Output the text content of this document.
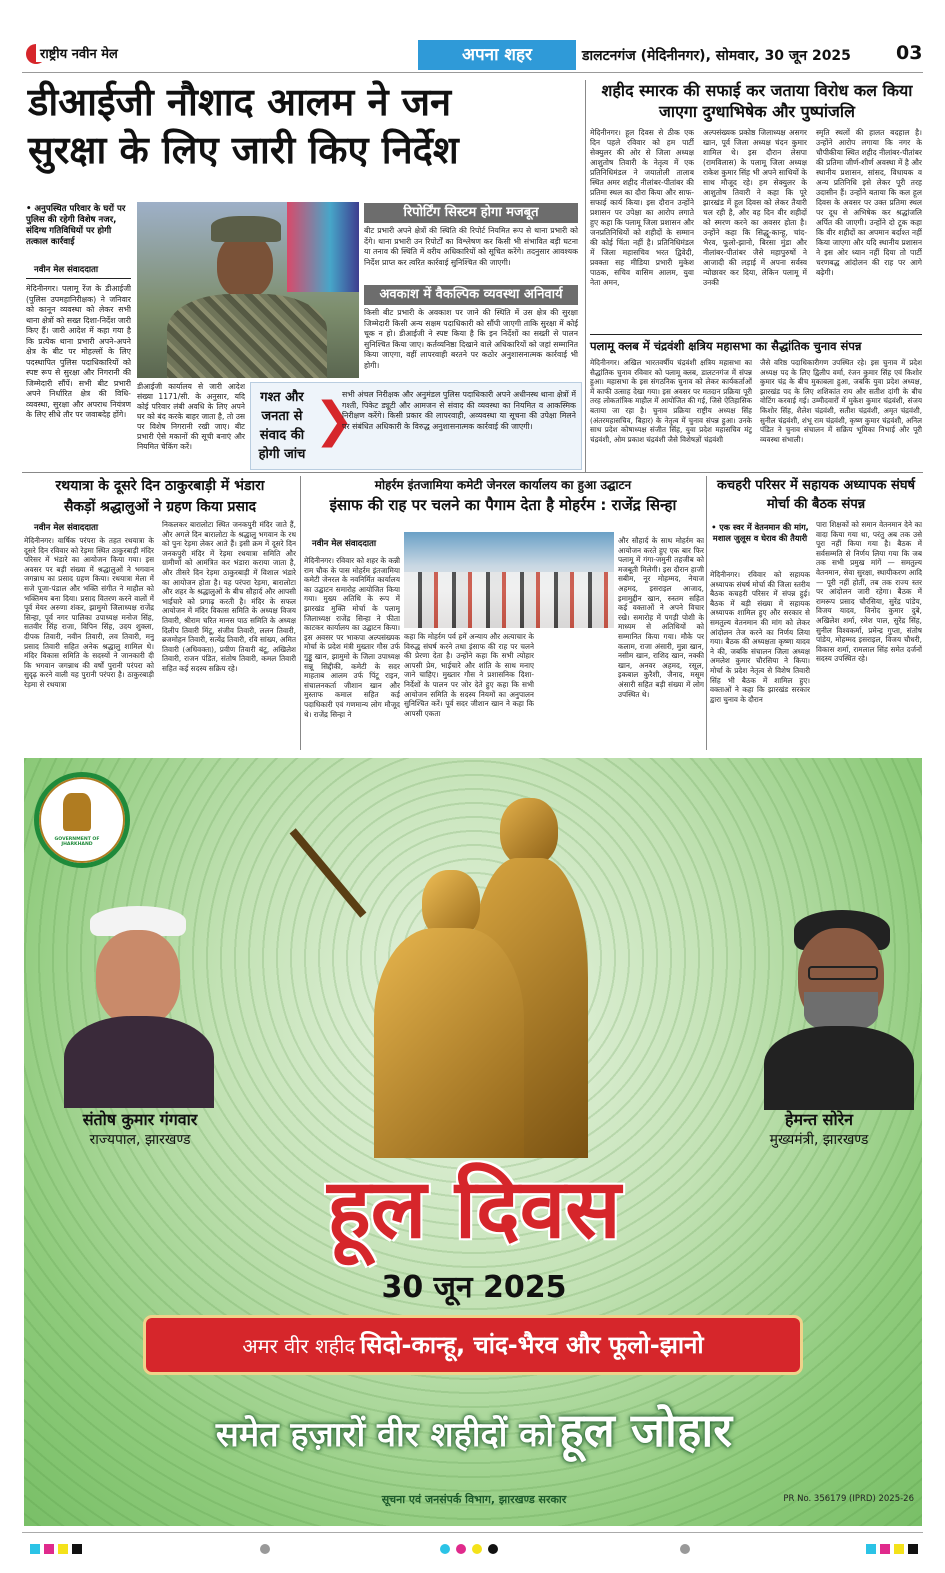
राष्ट्रीय नवीन मेल	अपना शहर	डालटनगंज (मेदिनीनगर), सोमवार, 30 जून 2025 03
डीआईजी नौशाद आलम ने जन
सुरक्षा के लिए जारी किए निर्देश
• अनुपस्थित परिवार के घरों पर पुलिस की रहेगी विशेष नजर, संदिग्ध गतिविधियों पर होगी तत्काल कार्रवाई
नवीन मेल संवाददाता
मेदिनीनगर। पलामू रेंज के डीआईजी (पुलिस उपमहानिरीक्षक) ने जनिवार को कानून व्यवस्था को लेकर सभी थाना क्षेत्रों को सख्त दिशा-निर्देश जारी किए हैं। जारी आदेश में कहा गया है कि प्रत्येक थाना प्रभारी अपने-अपने क्षेत्र के बीट पर मोहल्लों के लिए पदस्थापित पुलिस पदाधिकारियों को स्पष्ट रूप से सुरक्षा और निगरानी की जिम्मेदारी सौंपें। सभी बीट प्रभारी अपने निर्धारित क्षेत्र की विधि-व्यवस्था, सुरक्षा और अपराध नियंत्रण के लिए सीधे तौर पर जवाबदेह होंगे।
डीआईजी कार्यालय से जारी आदेश संख्या 1171/सी. के अनुसार, यदि कोई परिवार लंबी अवधि के लिए अपने घर को बंद करके बाहर जाता है, तो उस पर विशेष निगरानी रखी जाए। बीट प्रभारी ऐसे मकानों की सूची बनाएं और नियमित चेकिंग करें।
रिपोर्टिंग सिस्टम होगा मजबूत
बीट प्रभारी अपने क्षेत्रों की स्थिति की रिपोर्ट नियमित रूप से थाना प्रभारी को देंगे। थाना प्रभारी उन रिपोर्टों का विश्लेषण कर किसी भी संभावित बड़ी घटना या तनाव की स्थिति में वरीय अधिकारियों को सूचित करेंगे। तदनुसार आवश्यक निर्देश प्राप्त कर त्वरित कार्रवाई सुनिश्चित की जाएगी।
अवकाश में वैकल्पिक व्यवस्था अनिवार्य
किसी बीट प्रभारी के अवकाश पर जाने की स्थिति में उस क्षेत्र की सुरक्षा जिम्मेदारी किसी अन्य सक्षम पदाधिकारी को सौंपी जाएगी ताकि सुरक्षा में कोई चूक न हो। डीआईजी ने स्पष्ट किया है कि इन निर्देशों का सख्ती से पालन सुनिश्चित किया जाए। कर्तव्यनिष्ठा दिखाने वाले अधिकारियों को जहां सम्मानित किया जाएगा, वहीं लापरवाही बरतने पर कठोर अनुशासनात्मक कार्रवाई भी होगी।
गश्त और जनता से संवाद की होगी जांच
❯
सभी अंचल निरीक्षक और अनुमंडल पुलिस पदाधिकारी अपने अधीनस्थ थाना क्षेत्रों में गश्ती, पिकेट ड्यूटी और आमजन से संवाद की व्यवस्था का नियमित व आकस्मिक निरीक्षण करेंगे। किसी प्रकार की लापरवाही, अव्यवस्था या सूचना की उपेक्षा मिलने पर संबंधित अधिकारी के विरुद्ध अनुशासनात्मक कार्रवाई की जाएगी।
शहीद स्मारक की सफाई कर जताया विरोध कल किया जाएगा दुग्धाभिषेक और पुष्पांजलि
मेदिनीनगर। हूल दिवस से ठीक एक दिन पहले रविवार को हम पार्टी सेक्युलर की ओर से जिला अध्यक्ष आशुतोष तिवारी के नेतृत्व में एक प्रतिनिधिमंडल ने जयातोली तालाब स्थित अमर शहीद नीलांबर-पीतांबर की प्रतिमा स्थल का दौरा किया और साफ-सफाई कार्य किया। इस दौरान उन्होंने प्रशासन पर उपेक्षा का आरोप लगाते हुए कहा कि पलामू जिला प्रशासन और जनप्रतिनिधियों को शहीदों के सम्मान की कोई चिंता नहीं है। प्रतिनिधिमंडल में जिला महासचिव भरत द्विवेदी, प्रवक्ता सह मीडिया प्रभारी मुकेश पाठक, सचिव वासिम आलम, युवा नेता अमन,
अल्पसंख्यक प्रकोष्ठ जिलाध्यक्ष असगर खान, पूर्व जिला अध्यक्ष चंदन कुमार शामिल थे। इस दौरान लेसपा (रामविलास) के पलामू जिला अध्यक्ष राकेश कुमार सिंह भी अपने साथियों के साथ मौजूद रहे। हम सेक्युलर के आशुतोष तिवारी ने कहा कि पूरे झारखंड में हूल दिवस को लेकर तैयारी चल रही है, और वह दिन वीर शहीदों को स्मरण करने का अवसर होता है। उन्होंने कहा कि सिद्धू-कान्हू, चांद-भैरव, फूलो-झानो, बिरसा मुंडा और नीलांबर-पीतांबर जैसे महापुरुषों ने आजादी की लड़ाई में अपना सर्वस्व न्योछावर कर दिया, लेकिन पलामू में उनकी
स्मृति स्थलों की हालत बदहाल है। उन्होंने आरोप लगाया कि नगर के चौपीकीया स्थित शहीद नीलांबर-पीतांबर की प्रतिमा जीर्ण-शीर्ण अवस्था में है और स्थानीय प्रशासन, सांसद, विधायक व अन्य प्रतिनिधि इसे लेकर पूरी तरह उदासीन हैं। उन्होंने बताया कि कल हूल दिवस के अवसर पर उक्त प्रतिमा स्थल पर दूध से अभिषेक कर श्रद्धांजलि अर्पित की जाएगी। उन्होंने दो टूक कहा कि वीर शहीदों का अपमान बर्दाश्त नहीं किया जाएगा और यदि स्थानीय प्रशासन ने इस ओर ध्यान नहीं दिया तो पार्टी चरणबद्ध आंदोलन की राह पर आगे बढ़ेगी।
पलामू क्लब में चंद्रवंशी क्षत्रिय महासभा का सैद्धांतिक चुनाव संपन्न
मेदिनीनगर। अखिल भारतवर्षीय चंद्रवंशी क्षत्रिय महासभा का सैद्धांतिक चुनाव रविवार को पलामू क्लब, डालटनगंज में संपन्न हुआ। महासभा के इस संगठनिक चुनाव को लेकर कार्यकर्ताओं में काफी उत्साह देखा गया। इस अवसर पर मतदान प्रक्रिया पूरी तरह लोकतांत्रिक माहौल में आयोजित की गई, जिसे ऐतिहासिक बताया जा रहा है। चुनाव प्रक्रिया राष्ट्रीय अध्यक्ष सिंह (अंतरमहासचिव, बिहार) के नेतृत्व में चुनाव संपन्न हुआ। उनके साथ प्रदेश कोषाध्यक्ष संजीत सिंह, युवा प्रदेश महासचिव मंटू चंद्रवंशी, ओम प्रकाश चंद्रवंशी जैसे विशेषज्ञों चंद्रवंशी
जैसे वरिष्ठ पदाधिकारीगण उपस्थित रहे। इस चुनाव में प्रदेश अध्यक्ष पद के लिए द्विलीप वर्मा, रंजन कुमार सिंह एवं किशोर कुमार चंद्र के बीच मुकाबला हुआ, जबकि युवा प्रदेश अध्यक्ष, झारखंड पद के लिए शशिकांत राय और सतीश दांगी के बीच वोटिंग करवाई गई। उम्मीदवारों में मुकेश कुमार चंद्रवंशी, संजय किशोर सिंह, शैलेश चंद्रवंशी, सतीश चंद्रवंशी, अमृत चंद्रवंशी, सुनील चंद्रवंशी, शंभू राम चंद्रवंशी, कृष्ण कुमार चंद्रवंशी, अनिल पंडित ने चुनाव संचालन में सक्रिय भूमिका निभाई और पूरी व्यवस्था संभाली।
रथयात्रा के दूसरे दिन ठाकुरबाड़ी में भंडारा
सैकड़ों श्रद्धालुओं ने ग्रहण किया प्रसाद
नवीन मेल संवाददाता
मेदिनीनगर। वार्षिक परंपरा के तहत रथयात्रा के दूसरे दिन रविवार को रेड़मा स्थित ठाकुरबाड़ी मंदिर परिसर में भंडारे का आयोजन किया गया। इस अवसर पर बड़ी संख्या में श्रद्धालुओं ने भगवान जगन्नाथ का प्रसाद ग्रहण किया। रथयात्रा मेला में सजे पूजा-पंडाल और भक्ति संगीत ने माहौल को भक्तिमय बना दिया। प्रसाद वितरण करने वालों में पूर्व मेयर अरुणा शंकर, झामुमो जिलाध्यक्ष राजेंद्र सिन्हा, पूर्व नगर पालिका उपाध्यक्ष मनोज सिंह, सतवीर सिंह राजा, विपिन सिंह, उदय शुक्ला, दीपक तिवारी, नवीन तिवारी, लव तिवारी, मनु प्रसाद तिवारी सहित अनेक श्रद्धालु शामिल थे। मंदिर विकास समिति के सदस्यों ने जानकारी दी कि भगवान जगन्नाथ की वर्षों पुरानी परंपरा को सुदृढ़ करने वाली यह पुरानी परंपरा है। ठाकुरबाड़ी रेड़मा से रथयात्रा
निकलकर बारालोटा स्थित जनकपुरी मंदिर जाते हैं, और अगले दिन बारालोटा के श्रद्धालु भगवान के रथ को पुनः रेड़मा लेकर आते हैं। इसी क्रम में दूसरे दिन जनकपुरी मंदिर में रेड़मा रथयात्रा समिति और ग्रामीणों को आमंत्रित कर भंडारा कराया जाता है, और तीसरे दिन रेड़मा ठाकुरबाड़ी में विशाल भंडारे का आयोजन होता है। यह परंपरा रेड़मा, बारालोटा और शहर के श्रद्धालुओं के बीच सौहार्द और आपसी भाईचारे को प्रगाढ़ करती है। मंदिर के सफल आयोजन में मंदिर विकास समिति के अध्यक्ष विजय तिवारी, श्रीराम चरित मानस पाठ समिति के अध्यक्ष दिलीप तिवारी मिंटू, संजीव तिवारी, ललन तिवारी, ब्रजमोहन तिवारी, सत्येंद्र तिवारी, रवि सांख्य, अमित तिवारी (अधिवक्ता), प्रवीण तिवारी बंटू, अखिलेश तिवारी, राजन पंडित, संतोष तिवारी, कमल तिवारी सहित कई सदस्य सक्रिय रहे।
मोहर्रम इंतजामिया कमेटी जेनरल कार्यालय का हुआ उद्घाटन
इंसाफ की राह पर चलने का पैगाम देता है मोहर्रम : राजेंद्र सिन्हा
नवीन मेल संवाददाता
मेदिनीनगर। रविवार को शहर के कन्नी राम चौक के पास मोहर्रम इंतजामिया कमेटी जेनरल के नवनिर्मित कार्यालय का उद्घाटन समारोह आयोजित किया गया। मुख्य अतिथि के रूप में झारखंड मुक्ति मोर्चा के पलामू जिलाध्यक्ष राजेंद्र सिन्हा ने फीता काटकर कार्यालय का उद्घाटन किया। इस अवसर पर भाकपा अल्पसंख्यक मोर्चा के प्रदेश मंत्री मुख्तार गौस उर्फ गुड्डू खान, झामुमो के जिला उपाध्यक्ष सन्नू सिद्दीकी, कमेटी के सदर माहताब आलम उर्फ पिंटू राइन, संचालनकर्ता जीशान खान और मुस्ताफ कमाल सहित कई पदाधिकारी एवं गणमान्य लोग मौजूद थे। राजेंद्र सिन्हा ने
कहा कि मोहर्रम पर्व हमें अन्याय और अत्याचार के विरुद्ध संघर्ष करने तथा इंसाफ की राह पर चलने की प्रेरणा देता है। उन्होंने कहा कि सभी त्योहार आपसी प्रेम, भाईचारे और शांति के साथ मनाए जाने चाहिए। मुख्तार गौस ने प्रशासनिक दिशा-निर्देशों के पालन पर जोर देते हुए कहा कि सभी आयोजन समिति के सदस्य नियमों का अनुपालन सुनिश्चित करें। पूर्व सदर जीशान खान ने कहा कि आपसी एकता
और सौहार्द के साथ मोहर्रम का आयोजन करते हुए एक बार फिर पलामू में गंगा-जमुनी तहजीब को मजबूती मिलेगी। इस दौरान हाजी सबीम, नूर मोहम्मद, नेयाज अहमद, इसराइल आजाद, इमामुद्दीन खान, रुस्तम सहित कई वक्ताओं ने अपने विचार रखे। समारोह में पगड़ी पोशी के माध्यम से अतिथियों को सम्मानित किया गया। मौके पर कलाम, राजा अंसारी, मुन्ना खान, नसीम खान, राशिद खान, नक्की खान, अनवर अहमद, रसूल, इकबाल कुरैशी, जैनाद, मसूम अंसारी सहित बड़ी संख्या में लोग उपस्थित थे।
कचहरी परिसर में सहायक अध्यापक संघर्ष मोर्चा की बैठक संपन्न
• एक स्वर में वेतनमान की मांग, मशाल जुलूस व घेराव की तैयारी
मेदिनीनगर। रविवार को सहायक अध्यापक संघर्ष मोर्चा की जिला स्तरीय बैठक कचहरी परिसर में संपन्न हुई। बैठक में बड़ी संख्या में सहायक अध्यापक शामिल हुए और सरकार से समतुल्य वेतनमान की मांग को लेकर आंदोलन तेज करने का निर्णय लिया गया। बैठक की अध्यक्षता कृष्णा यादव ने की, जबकि संचालन जिला अध्यक्ष अमलेश कुमार चौरसिया ने किया। मोर्चा के प्रदेश नेतृत्व से विशेष तिवारी सिंह भी बैठक में शामिल हुए। वक्ताओं ने कहा कि झारखंड सरकार द्वारा चुनाव के दौरान
पारा शिक्षकों को समान वेतनमान देने का वादा किया गया था, परंतु अब तक उसे पूरा नहीं किया गया है। बैठक में सर्वसम्मति से निर्णय लिया गया कि जब तक सभी प्रमुख मांगें — समतुल्य वेतनमान, सेवा सुरक्षा, स्थायीकरण आदि — पूरी नहीं होतीं, तब तक राज्य स्तर पर आंदोलन जारी रहेगा। बैठक में रामरूप प्रसाद चौरसिया, सुरेंद्र पांडेय, विजय यादव, विनोद कुमार दुबे, अखिलेश शर्मा, रमेश पाल, सुरेंद्र सिंह, सुनील विश्वकर्मा, प्रमेन्द्र गुप्ता, संतोष पांडेय, मोहम्मद इसराइल, विजय चौधरी, विकास शर्मा, रामलाल सिंह समेत दर्जनों सदस्य उपस्थित रहे।
GOVERNMENT OF JHARKHAND
संतोष कुमार गंगवार
राज्यपाल, झारखण्ड
हेमन्त सोरेन
मुख्यमंत्री, झारखण्ड
हूल दिवस
30 जून 2025
अमर वीर शहीद सिदो-कान्हू, चांद-भैरव और फूलो-झानो
समेत हज़ारों वीर शहीदों को हूल जोहार
सूचना एवं जनसंपर्क विभाग, झारखण्ड सरकार	PR No. 356179 (IPRD) 2025-26
